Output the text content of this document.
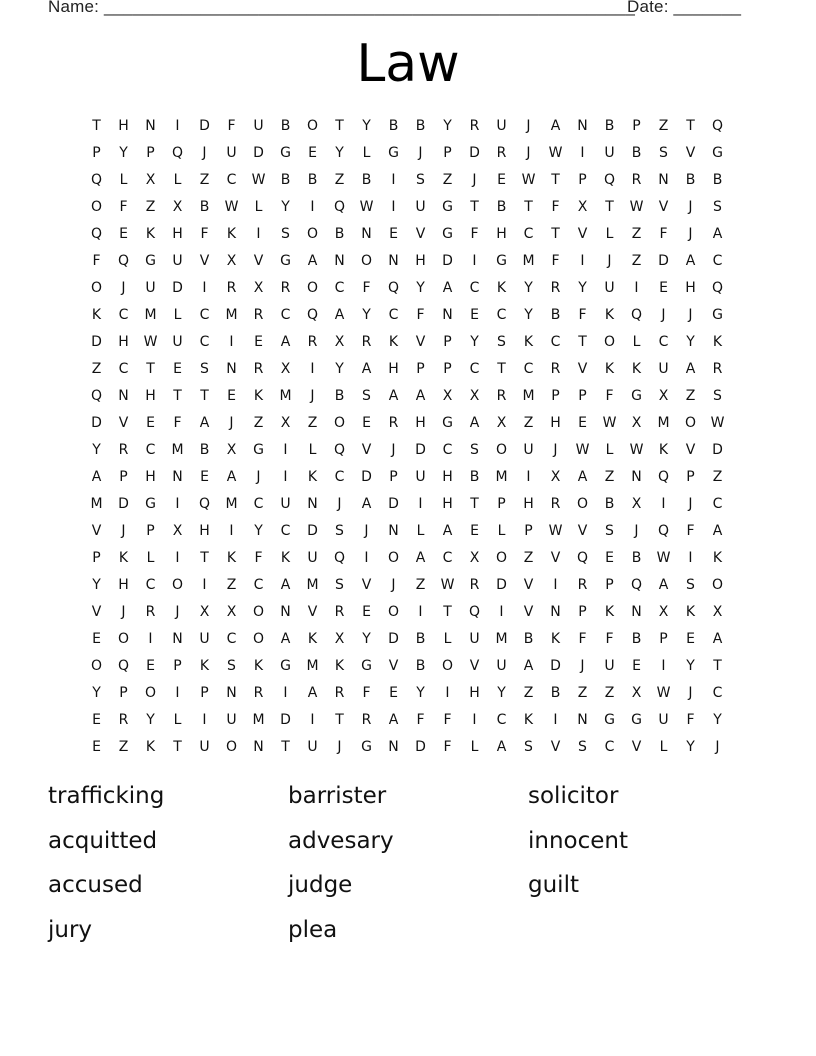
Name: _______________________________________________________
Date: _______
Law
T	H	N	I	D	F	U	B	O	T	Y	B	B	Y	R	U	J	A	N	B	P	Z	T	Q
P	Y	P	Q	J	U	D	G	E	Y	L	G	J	P	D	R	J	W	I	U	B	S	V	G
Q	L	X	L	Z	C	W	B	B	Z	B	I	S	Z	J	E	W	T	P	Q	R	N	B	B
O	F	Z	X	B	W	L	Y	I	Q	W	I	U	G	T	B	T	F	X	T	W	V	J	S
Q	E	K	H	F	K	I	S	O	B	N	E	V	G	F	H	C	T	V	L	Z	F	J	A
F	Q	G	U	V	X	V	G	A	N	O	N	H	D	I	G	M	F	I	J	Z	D	A	C
O	J	U	D	I	R	X	R	O	C	F	Q	Y	A	C	K	Y	R	Y	U	I	E	H	Q
K	C	M	L	C	M	R	C	Q	A	Y	C	F	N	E	C	Y	B	F	K	Q	J	J	G
D	H	W	U	C	I	E	A	R	X	R	K	V	P	Y	S	K	C	T	O	L	C	Y	K
Z	C	T	E	S	N	R	X	I	Y	A	H	P	P	C	T	C	R	V	K	K	U	A	R
Q	N	H	T	T	E	K	M	J	B	S	A	A	X	X	R	M	P	P	F	G	X	Z	S
D	V	E	F	A	J	Z	X	Z	O	E	R	H	G	A	X	Z	H	E	W	X	M	O	W
Y	R	C	M	B	X	G	I	L	Q	V	J	D	C	S	O	U	J	W	L	W	K	V	D
A	P	H	N	E	A	J	I	K	C	D	P	U	H	B	M	I	X	A	Z	N	Q	P	Z
M	D	G	I	Q	M	C	U	N	J	A	D	I	H	T	P	H	R	O	B	X	I	J	C
V	J	P	X	H	I	Y	C	D	S	J	N	L	A	E	L	P	W	V	S	J	Q	F	A
P	K	L	I	T	K	F	K	U	Q	I	O	A	C	X	O	Z	V	Q	E	B	W	I	K
Y	H	C	O	I	Z	C	A	M	S	V	J	Z	W	R	D	V	I	R	P	Q	A	S	O
V	J	R	J	X	X	O	N	V	R	E	O	I	T	Q	I	V	N	P	K	N	X	K	X
E	O	I	N	U	C	O	A	K	X	Y	D	B	L	U	M	B	K	F	F	B	P	E	A
O	Q	E	P	K	S	K	G	M	K	G	V	B	O	V	U	A	D	J	U	E	I	Y	T
Y	P	O	I	P	N	R	I	A	R	F	E	Y	I	H	Y	Z	B	Z	Z	X	W	J	C
E	R	Y	L	I	U	M	D	I	T	R	A	F	F	I	C	K	I	N	G	G	U	F	Y
E	Z	K	T	U	O	N	T	U	J	G	N	D	F	L	A	S	V	S	C	V	L	Y	J
trafficking	barrister	solicitor
acquitted	advesary	innocent
accused	judge	guilt
jury	plea
